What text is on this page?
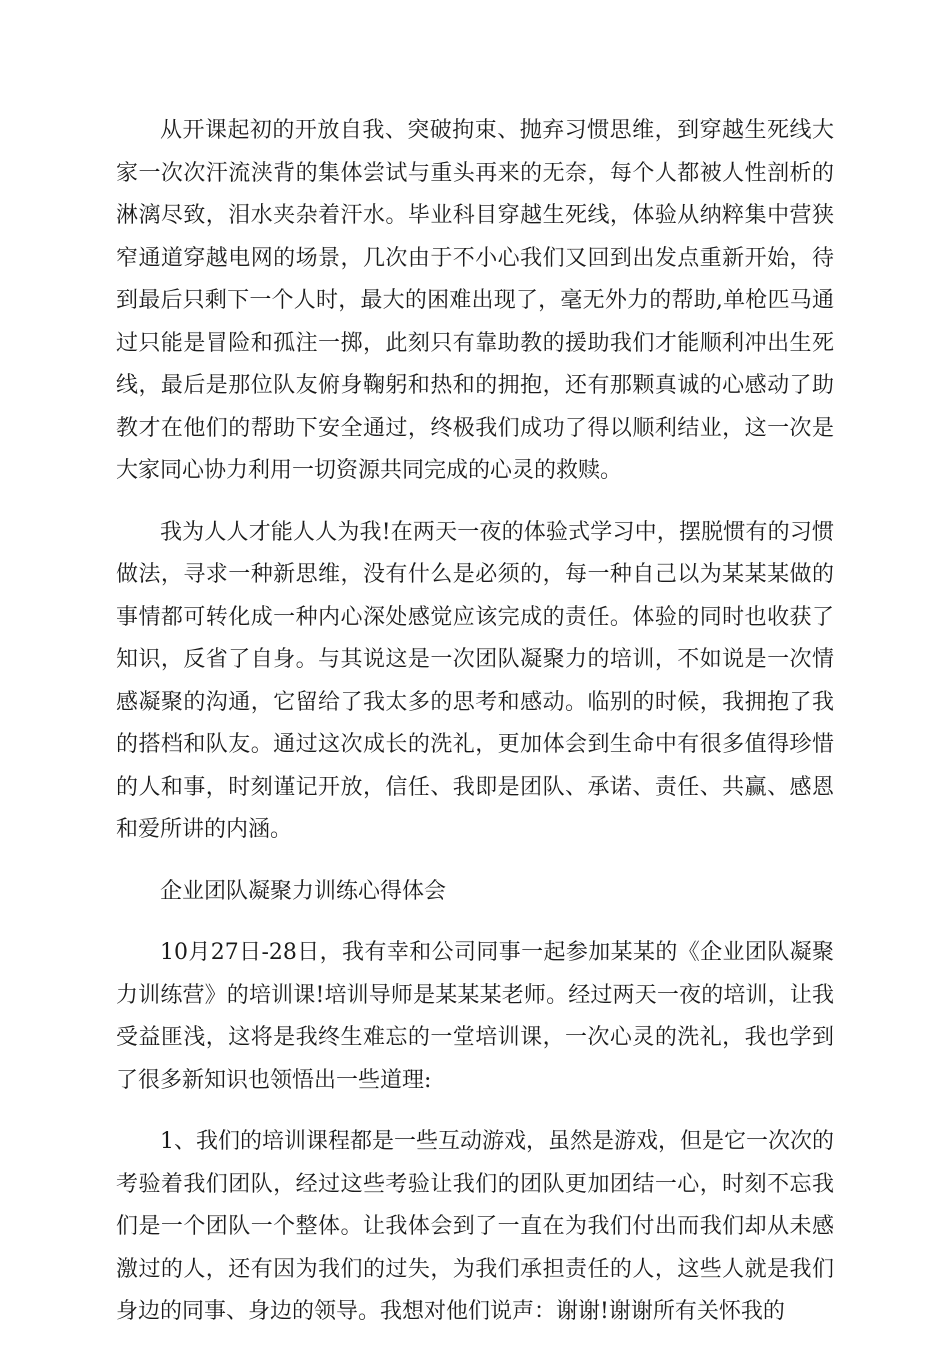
从开课起初的开放自我、突破拘束、抛弃习惯思维，到穿越生死线大家一次次汗流浃背的集体尝试与重头再来的无奈，每个人都被人性剖析的淋漓尽致，泪水夹杂着汗水。毕业科目穿越生死线，体验从纳粹集中营狭窄通道穿越电网的场景，几次由于不小心我们又回到出发点重新开始，待到最后只剩下一个人时，最大的困难出现了，毫无外力的帮助,单枪匹马通过只能是冒险和孤注一掷，此刻只有靠助教的援助我们才能顺利冲出生死线，最后是那位队友俯身鞠躬和热和的拥抱，还有那颗真诚的心感动了助教才在他们的帮助下安全通过，终极我们成功了得以顺利结业，这一次是大家同心协力利用一切资源共同完成的心灵的救赎。

我为人人才能人人为我!在两天一夜的体验式学习中，摆脱惯有的习惯做法，寻求一种新思维，没有什么是必须的，每一种自己以为某某某做的事情都可转化成一种内心深处感觉应该完成的责任。体验的同时也收获了知识，反省了自身。与其说这是一次团队凝聚力的培训，不如说是一次情感凝聚的沟通，它留给了我太多的思考和感动。临别的时候，我拥抱了我的搭档和队友。通过这次成长的洗礼，更加体会到生命中有很多值得珍惜的人和事，时刻谨记开放，信任、我即是团队、承诺、责任、共赢、感恩和爱所讲的内涵。

企业团队凝聚力训练心得体会

10月27日-28日，我有幸和公司同事一起参加某某的《企业团队凝聚力训练营》的培训课!培训导师是某某某老师。经过两天一夜的培训，让我受益匪浅，这将是我终生难忘的一堂培训课，一次心灵的洗礼，我也学到了很多新知识也领悟出一些道理:

1、我们的培训课程都是一些互动游戏，虽然是游戏，但是它一次次的考验着我们团队，经过这些考验让我们的团队更加团结一心，时刻不忘我们是一个团队一个整体。让我体会到了一直在为我们付出而我们却从未感激过的人，还有因为我们的过失，为我们承担责任的人，这些人就是我们身边的同事、身边的领导。我想对他们说声：谢谢!谢谢所有关怀我的
